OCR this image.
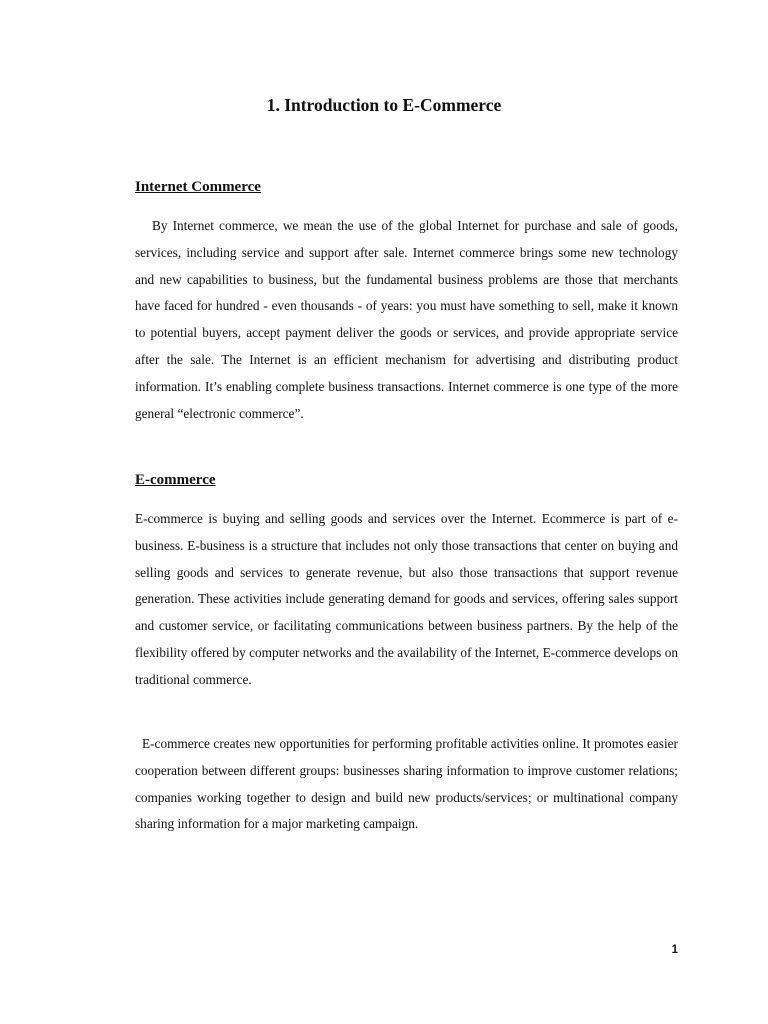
1. Introduction to E-Commerce
Internet Commerce

By Internet commerce, we mean the use of the global Internet for purchase and sale of goods, services, including service and support after sale. Internet commerce brings some new technology and new capabilities to business, but the fundamental business problems are those that merchants have faced for hundred - even thousands - of years: you must have something to sell, make it known to potential buyers, accept payment deliver the goods or services, and provide appropriate service after the sale. The Internet is an efficient mechanism for advertising and distributing product information. It’s enabling complete business transactions. Internet commerce is one type of the more general “electronic commerce”.

E-commerce

E-commerce is buying and selling goods and services over the Internet. Ecommerce is part of e-business. E-business is a structure that includes not only those transactions that center on buying and selling goods and services to generate revenue, but also those transactions that support revenue generation. These activities include generating demand for goods and services, offering sales support and customer service, or facilitating communications between business partners. By the help of the flexibility offered by computer networks and the availability of the Internet, E-commerce develops on traditional commerce.

E-commerce creates new opportunities for performing profitable activities online. It promotes easier cooperation between different groups: businesses sharing information to improve customer relations; companies working together to design and build new products/services; or multinational company sharing information for a major marketing campaign.

1
